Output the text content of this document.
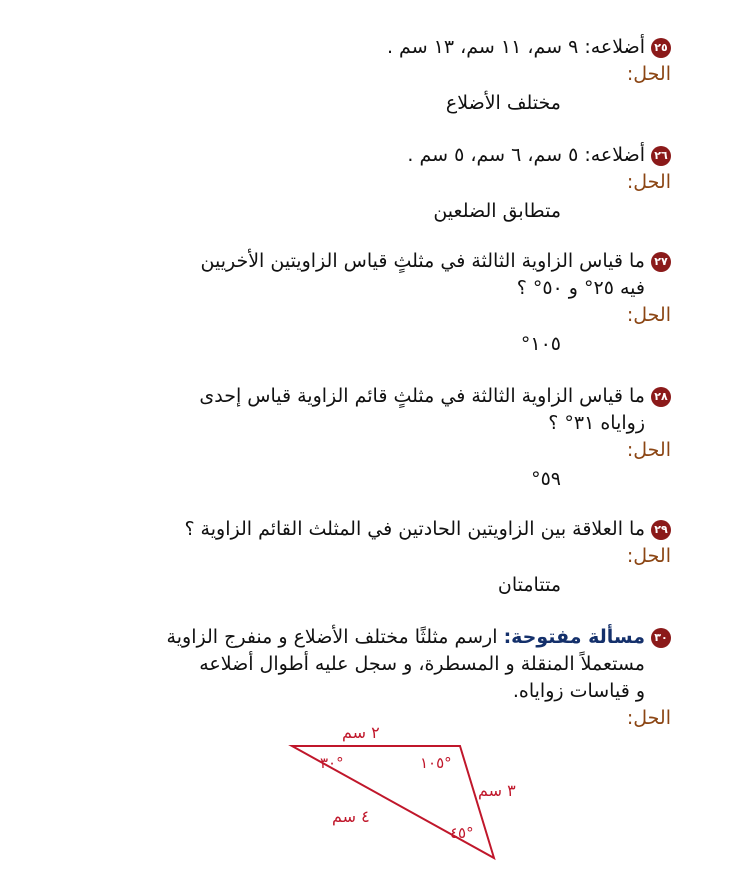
٢٥
أضلاعه: ٩ سم، ١١ سم، ١٣ سم .
الحل:
مختلف الأضلاع
٢٦
أضلاعه: ٥ سم، ٦ سم، ٥ سم .
الحل:
متطابق الضلعين
٢٧
ما قياس الزاوية الثالثة في مثلثٍ قياس الزاويتين الأخريين
فيه ٢٥° و ٥٠° ؟
الحل:
١٠٥°
٢٨
ما قياس الزاوية الثالثة في مثلثٍ قائم الزاوية قياس إحدى
زواياه ٣١° ؟
الحل:
٥٩°
٢٩
ما العلاقة بين الزاويتين الحادتين في المثلث القائم الزاوية ؟
الحل:
متتامتان
٣٠
مسألة مفتوحة: ارسم مثلثًا مختلف الأضلاع و منفرج الزاوية
مستعملاً المنقلة و المسطرة، و سجل عليه أطوال أضلاعه
و قياسات زواياه.
الحل:
٢ سم
٣ سم
٤ سم
٣٠°	١٠٥°
٤٥°
